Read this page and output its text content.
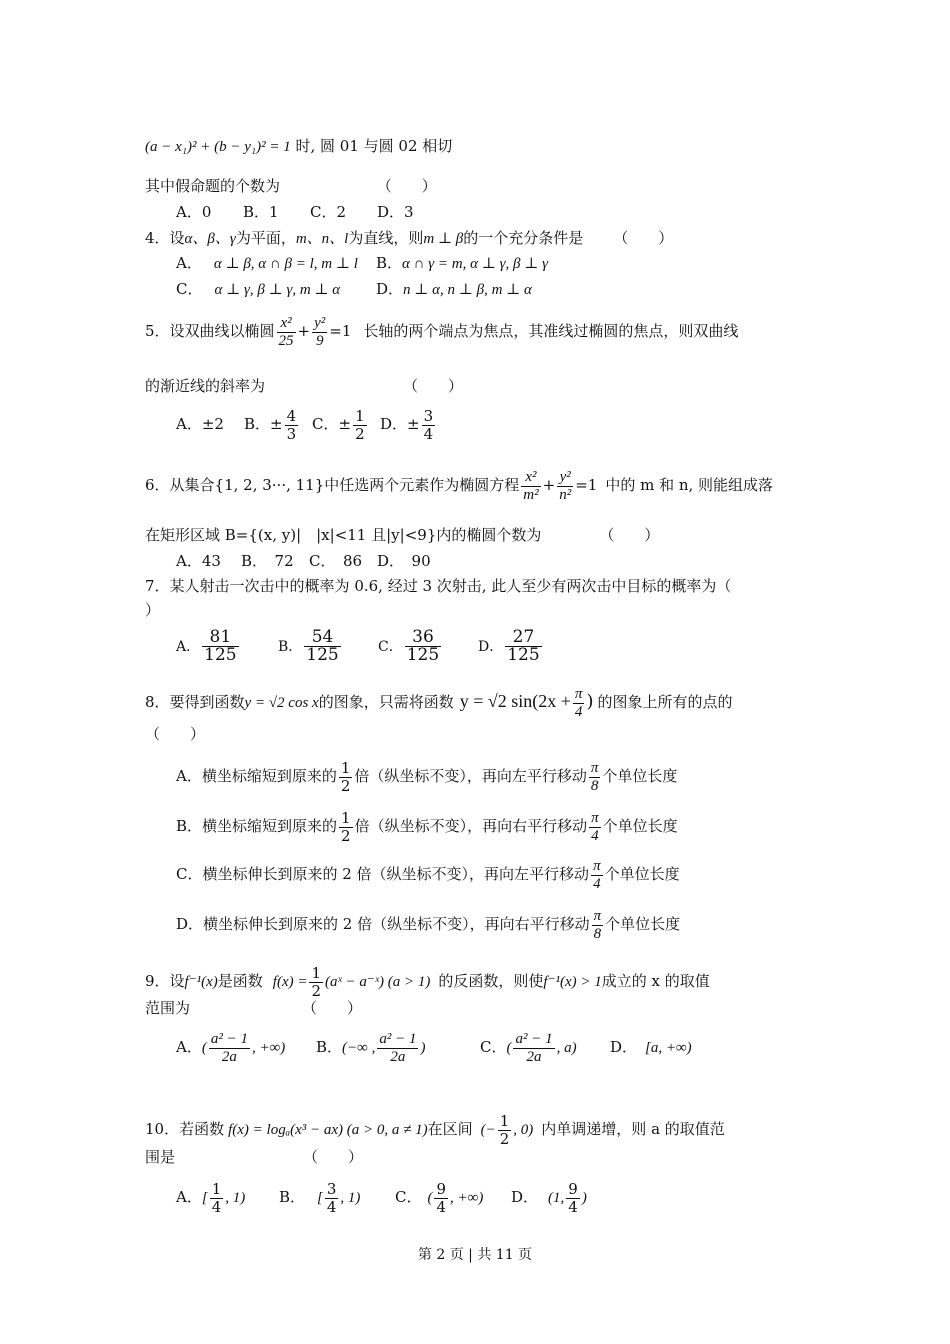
(a − x₁)² + (b − y₁)² = 1 时, 圆 01 与圆 02 相切
其中假命题的个数为	（　　）
A．0 B．1 C．2 D．3
4．设α、β、γ为平面，m、n、l为直线，则m ⊥ β的一个充分条件是 （　　）
A． α ⊥ β, α ∩ β = l, m ⊥ l B．α ∩ γ = m, α ⊥ γ, β ⊥ γ
C． α ⊥ γ, β ⊥ γ, m ⊥ α D．n ⊥ α, n ⊥ β, m ⊥ α
5．设双曲线以椭圆 $\frac{\text{x²}}{25} + \frac{\text{y²}}{9} =1$ 长轴的两个端点为焦点，其准线过椭圆的焦点，则双曲线
的渐近线的斜率为	（　　）
A．±2 B．± $\frac{4}{3}$ C．± $\frac{1}{2}$ D．± $\frac{3}{4}$
6．从集合{1, 2, 3···, 11}中任选两个元素作为椭圆方程 $\frac{\text{x²}}{\text{m²}} + \frac{\text{y²}}{\text{n²}} =1$ 中的 m 和 n, 则能组成落
在矩形区域 B={(x, y)|　|x|<11 且|y|<9}内的椭圆个数为	（　　）
A．43 B．　72 C．　86 D．　90
7．某人射击一次击中的概率为 0.6, 经过 3 次射击, 此人至少有两次击中目标的概率为（
）
A． $\frac{81}{125}$	B． $\frac{54}{125}$	C． $\frac{36}{125}$	D． $\frac{27}{125}$
8．要得到函数y = √2 cos x的图象，只需将函数 y = √2 $\sin(2x + \frac{\pi}{4}$ ) 的图象上所有的点的
（　　）
A．横坐标缩短到原来的 $\frac{1}{2}$ 倍（纵坐标不变），再向左平行移动 $\frac{\pi}{8}$ 个单位长度
B．横坐标缩短到原来的 $\frac{1}{2}$ 倍（纵坐标不变），再向右平行移动 $\frac{\pi}{4}$ 个单位长度
C．横坐标伸长到原来的 2 倍（纵坐标不变），再向左平行移动 $\frac{\pi}{4}$ 个单位长度
D．横坐标伸长到原来的 2 倍（纵坐标不变），再向右平行移动 $\frac{\pi}{8}$ 个单位长度
9．设f⁻¹(x)是函数 $f(x) = \frac{1}{2}$ (aˣ − a⁻ˣ) (a > 1) 的反函数，则使f⁻¹(x) > 1成立的 x 的取值
范围为	（　　）
A．( $\frac{\text{a² − 1}}{2a}$ , +∞) B．(−∞ , $\frac{\text{a² − 1}}{2a}$ )	C．( $\frac{\text{a² − 1}}{2a}$ , a) D． [a, +∞)
10．若函数 f(x) = logₐ(x³ − ax) (a > 0, a ≠ 1)在区间 (− $\frac{1}{2}$ , 0) 内单调递增，则 a 的取值范
围是	（　　）
A．[ $\frac{1}{4}$ , 1) B． [ $\frac{3}{4}$ , 1) C． ( $\frac{9}{4}$ , +∞) D． (1, $\frac{9}{4}$ )
第 2 页 | 共 11 页
